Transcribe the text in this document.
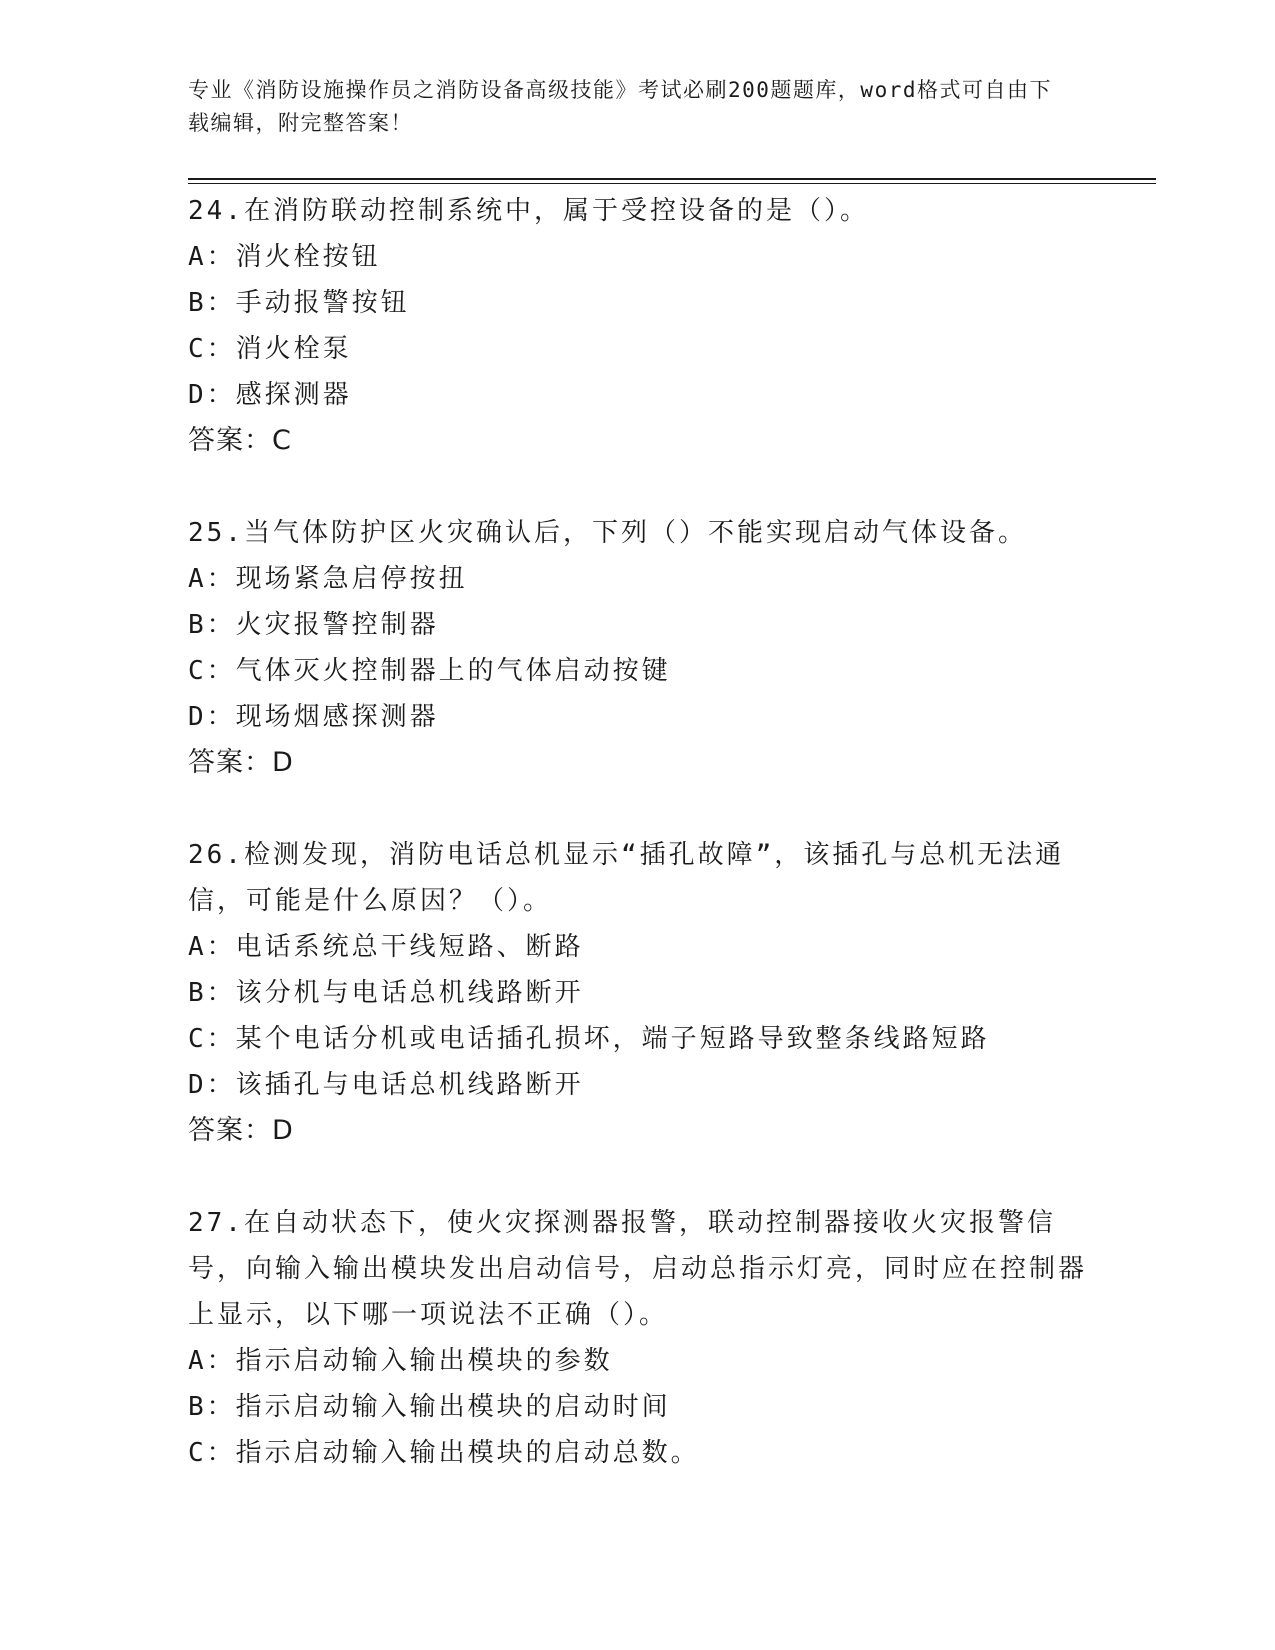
专业《消防设施操作员之消防设备高级技能》考试必刷200题题库，word格式可自由下载编辑，附完整答案！

24.在消防联动控制系统中，属于受控设备的是（）。

A：消火栓按钮

B：手动报警按钮

C：消火栓泵

D：感探测器

答案：C

25.当气体防护区火灾确认后，下列（）不能实现启动气体设备。

A：现场紧急启停按扭

B：火灾报警控制器

C：气体灭火控制器上的气体启动按键

D：现场烟感探测器

答案：D

26.检测发现，消防电话总机显示“插孔故障”，该插孔与总机无法通信，可能是什么原因？（）。

A：电话系统总干线短路、断路

B：该分机与电话总机线路断开

C：某个电话分机或电话插孔损坏，端子短路导致整条线路短路

D：该插孔与电话总机线路断开

答案：D

27.在自动状态下，使火灾探测器报警，联动控制器接收火灾报警信号，向输入输出模块发出启动信号，启动总指示灯亮，同时应在控制器上显示，以下哪一项说法不正确（）。

A：指示启动输入输出模块的参数

B：指示启动输入输出模块的启动时间

C：指示启动输入输出模块的启动总数。
